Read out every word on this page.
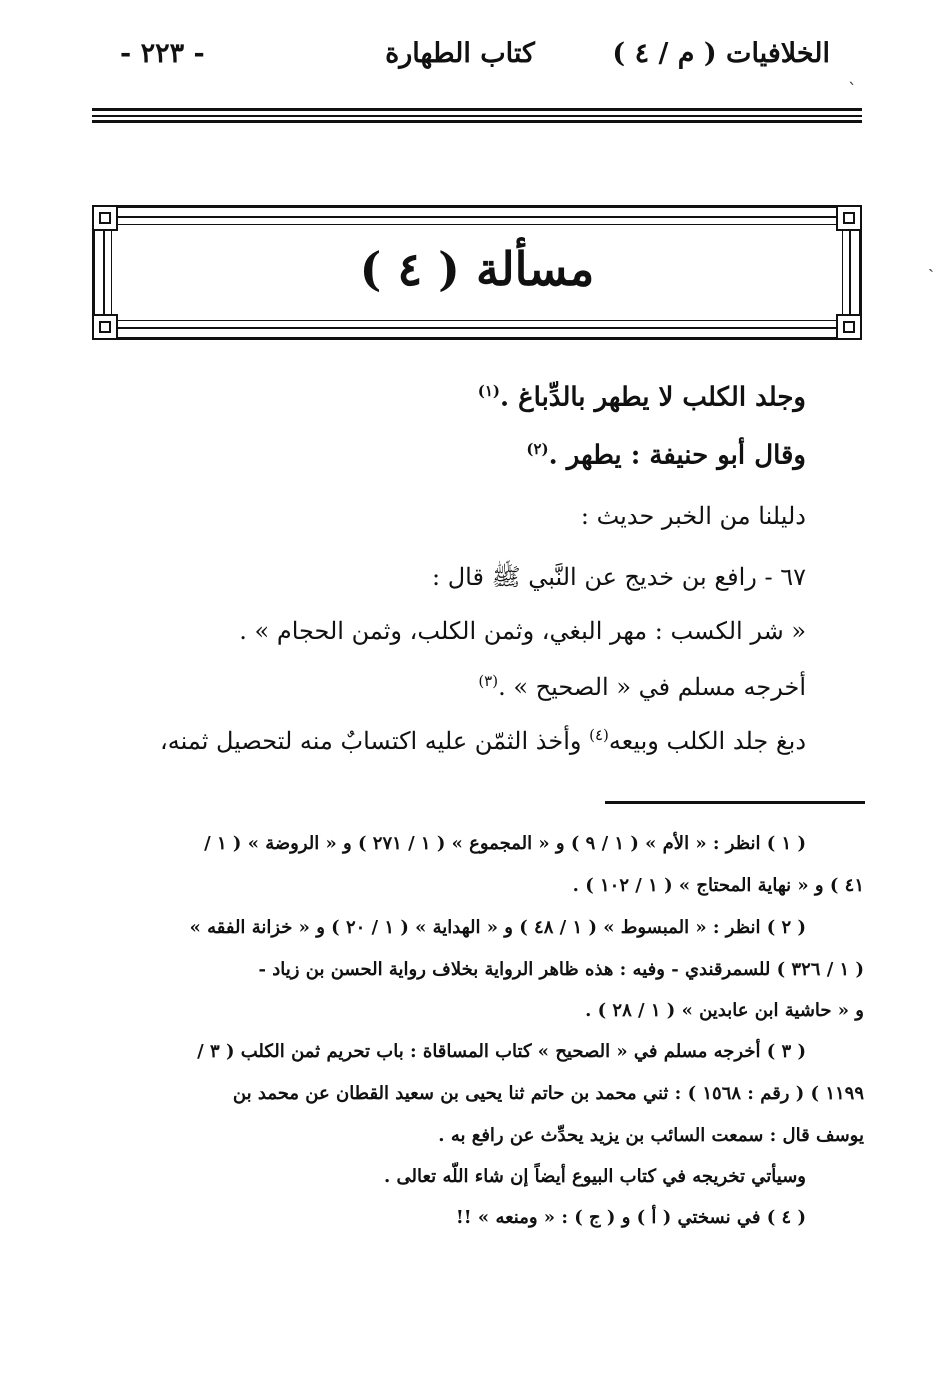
الخلافيات ( م / ٤ )
كتاب الطهارة
- ٢٢٣ -
مسألة ( ٤ )
وجلد الكلب لا يطهر بالدِّباغ .$^{(١)}$
وقال أبو حنيفة : يطهر .$^{(٢)}$
دليلنا من الخبر حديث :
٦٧ - رافع بن خديج عن النَّبي ﷺ قال :
« شر الكسب : مهر البغي، وثمن الكلب، وثمن الحجام » .
أخرجه مسلم في « الصحيح » .$^{(٣)}$
دبغ جلد الكلب وبيعه$^{(٤)}$ وأخذ الثمّن عليه اكتسابٌ منه لتحصيل ثمنه،
( ١ ) انظر : « الأم » ( ١ / ٩ ) و « المجموع » ( ١ / ٢٧١ ) و « الروضة » ( ١ /
٤١ ) و « نهاية المحتاج » ( ١ / ١٠٢ ) .
( ٢ ) انظر : « المبسوط » ( ١ / ٤٨ ) و « الهداية » ( ١ / ٢٠ ) و « خزانة الفقه »
( ١ / ٣٢٦ ) للسمرقندي - وفيه : هذه ظاهر الرواية بخلاف رواية الحسن بن زياد -
و « حاشية ابن عابدين » ( ١ / ٢٨ ) .
( ٣ ) أخرجه مسلم في « الصحيح » كتاب المساقاة : باب تحريم ثمن الكلب ( ٣ /
١١٩٩ ) ( رقم : ١٥٦٨ ) : ثني محمد بن حاتم ثنا يحيى بن سعيد القطان عن محمد بن
يوسف قال : سمعت السائب بن يزيد يحدِّث عن رافع به .
وسيأتي تخريجه في كتاب البيوع أيضاً إن شاء اللّه تعالى .
( ٤ ) في نسختي ( أ ) و ( ج ) : « ومنعه » !!
ˋ
ˎ
